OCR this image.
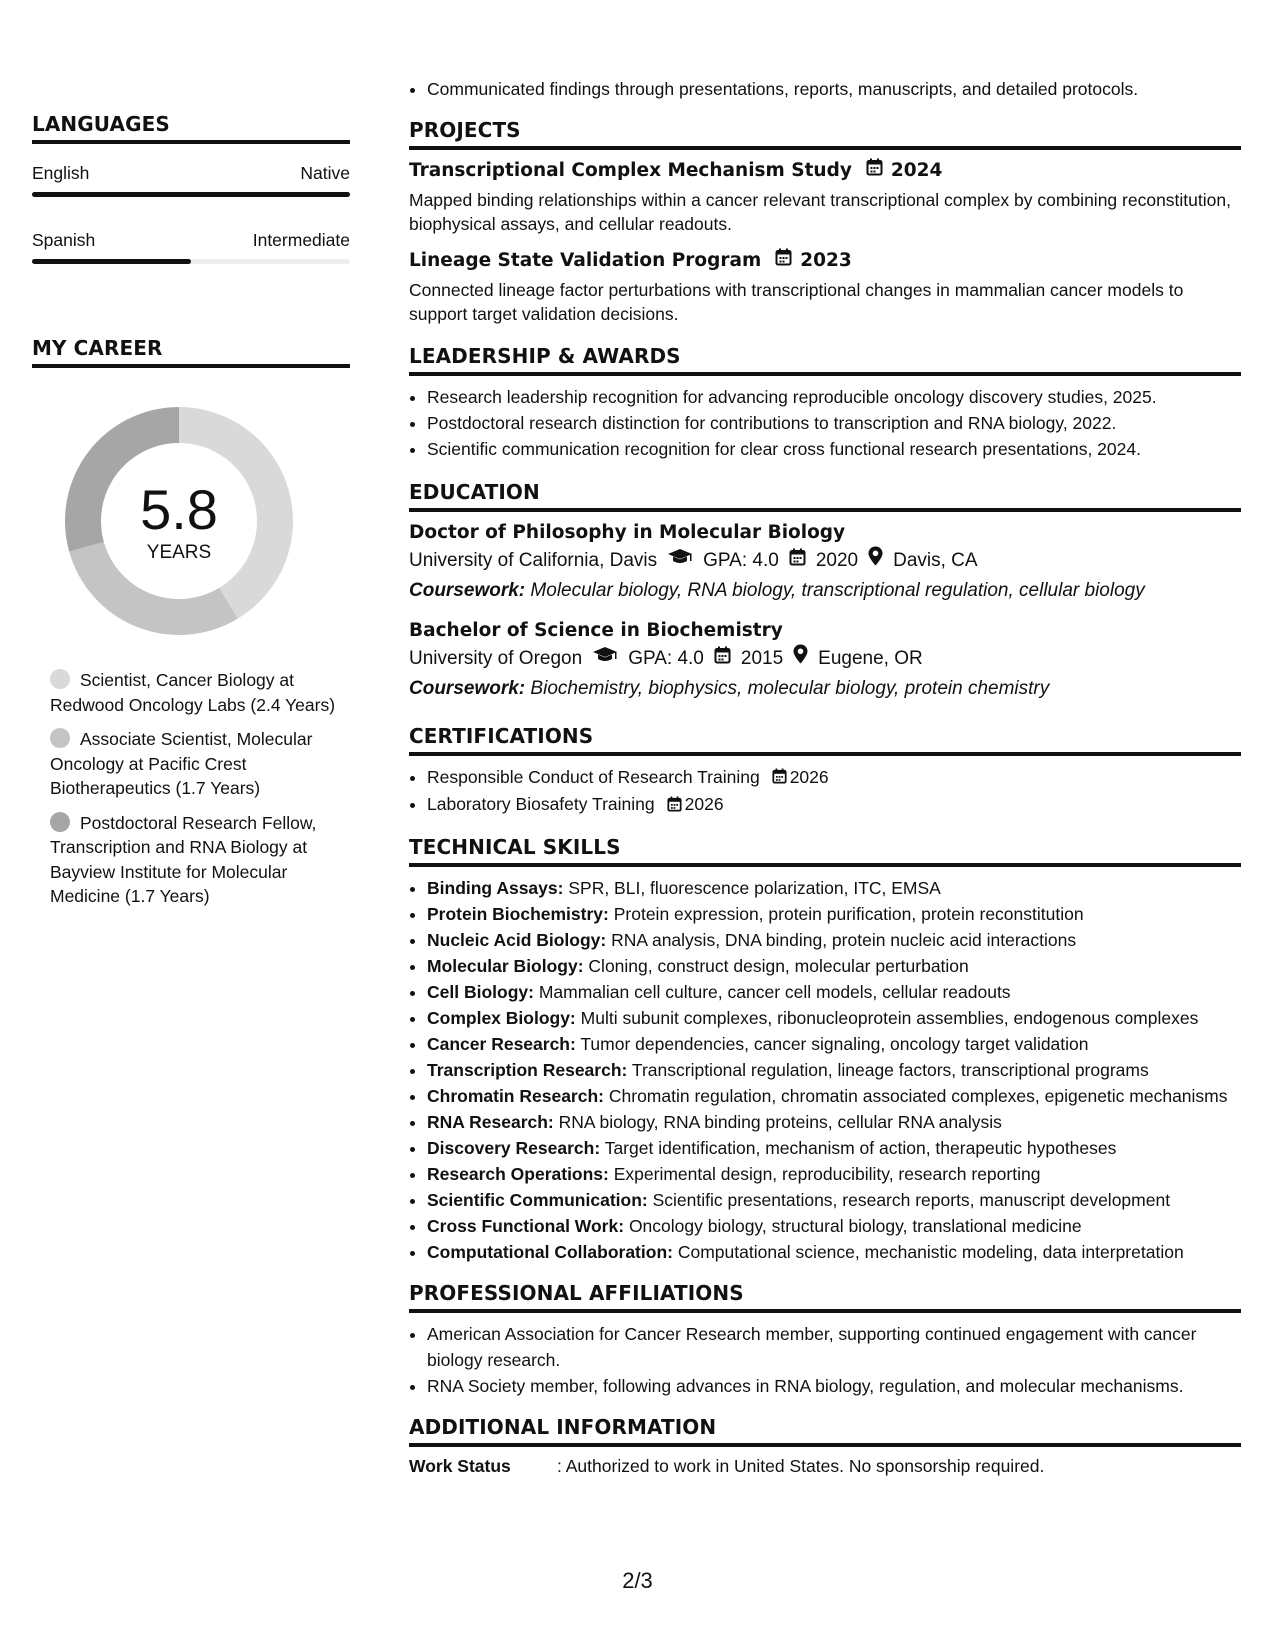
LANGUAGES
English	Native
Spanish	Intermediate
MY CAREER
5.8
YEARS
Scientist, Cancer Biology at Redwood Oncology Labs (2.4 Years)
Associate Scientist, Molecular Oncology at Pacific Crest Biotherapeutics (1.7 Years)
Postdoctoral Research Fellow, Transcription and RNA Biology at Bayview Institute for Molecular Medicine (1.7 Years)
• Communicated findings through presentations, reports, manuscripts, and detailed protocols.
PROJECTS
Transcriptional Complex Mechanism Study 2024
Mapped binding relationships within a cancer relevant transcriptional complex by combining reconstitution, biophysical assays, and cellular readouts.
Lineage State Validation Program 2023
Connected lineage factor perturbations with transcriptional changes in mammalian cancer models to support target validation decisions.
LEADERSHIP & AWARDS
• Research leadership recognition for advancing reproducible oncology discovery studies, 2025.
• Postdoctoral research distinction for contributions to transcription and RNA biology, 2022.
• Scientific communication recognition for clear cross functional research presentations, 2024.
EDUCATION
Doctor of Philosophy in Molecular Biology
University of California, Davis GPA: 4.0 2020 Davis, CA
Coursework: Molecular biology, RNA biology, transcriptional regulation, cellular biology
Bachelor of Science in Biochemistry
University of Oregon GPA: 4.0 2015 Eugene, OR
Coursework: Biochemistry, biophysics, molecular biology, protein chemistry
CERTIFICATIONS
• Responsible Conduct of Research Training 2026
• Laboratory Biosafety Training 2026
TECHNICAL SKILLS
• Binding Assays: SPR, BLI, fluorescence polarization, ITC, EMSA
• Protein Biochemistry: Protein expression, protein purification, protein reconstitution
• Nucleic Acid Biology: RNA analysis, DNA binding, protein nucleic acid interactions
• Molecular Biology: Cloning, construct design, molecular perturbation
• Cell Biology: Mammalian cell culture, cancer cell models, cellular readouts
• Complex Biology: Multi subunit complexes, ribonucleoprotein assemblies, endogenous complexes
• Cancer Research: Tumor dependencies, cancer signaling, oncology target validation
• Transcription Research: Transcriptional regulation, lineage factors, transcriptional programs
• Chromatin Research: Chromatin regulation, chromatin associated complexes, epigenetic mechanisms
• RNA Research: RNA biology, RNA binding proteins, cellular RNA analysis
• Discovery Research: Target identification, mechanism of action, therapeutic hypotheses
• Research Operations: Experimental design, reproducibility, research reporting
• Scientific Communication: Scientific presentations, research reports, manuscript development
• Cross Functional Work: Oncology biology, structural biology, translational medicine
• Computational Collaboration: Computational science, mechanistic modeling, data interpretation
PROFESSIONAL AFFILIATIONS
• American Association for Cancer Research member, supporting continued engagement with cancer biology research.
• RNA Society member, following advances in RNA biology, regulation, and molecular mechanisms.
ADDITIONAL INFORMATION
Work Status	: Authorized to work in United States. No sponsorship required.
2/3
